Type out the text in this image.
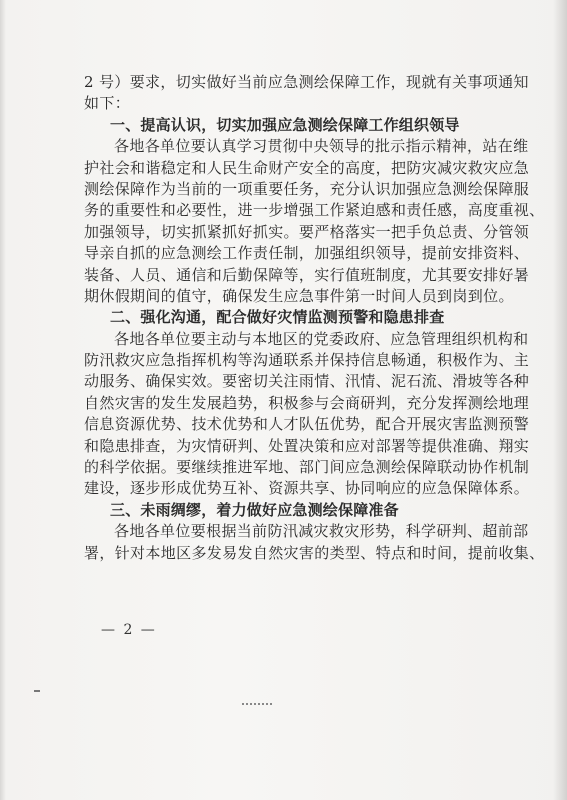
2 号）要求，切实做好当前应急测绘保障工作，现就有关事项通知
如下：
一、提高认识，切实加强应急测绘保障工作组织领导
各地各单位要认真学习贯彻中央领导的批示指示精神，站在维
护社会和谐稳定和人民生命财产安全的高度，把防灾减灾救灾应急
测绘保障作为当前的一项重要任务，充分认识加强应急测绘保障服
务的重要性和必要性，进一步增强工作紧迫感和责任感，高度重视、
加强领导，切实抓紧抓好抓实。要严格落实一把手负总责、分管领
导亲自抓的应急测绘工作责任制，加强组织领导，提前安排资料、
装备、人员、通信和后勤保障等，实行值班制度，尤其要安排好暑
期休假期间的值守，确保发生应急事件第一时间人员到岗到位。
二、强化沟通，配合做好灾情监测预警和隐患排查
各地各单位要主动与本地区的党委政府、应急管理组织机构和
防汛救灾应急指挥机构等沟通联系并保持信息畅通，积极作为、主
动服务、确保实效。要密切关注雨情、汛情、泥石流、滑坡等各种
自然灾害的发生发展趋势，积极参与会商研判，充分发挥测绘地理
信息资源优势、技术优势和人才队伍优势，配合开展灾害监测预警
和隐患排查，为灾情研判、处置决策和应对部署等提供准确、翔实
的科学依据。要继续推进军地、部门间应急测绘保障联动协作机制
建设，逐步形成优势互补、资源共享、协同响应的应急保障体系。
三、未雨绸缪，着力做好应急测绘保障准备
各地各单位要根据当前防汛减灾救灾形势，科学研判、超前部
署，针对本地区多发易发自然灾害的类型、特点和时间，提前收集、
— 2 —
